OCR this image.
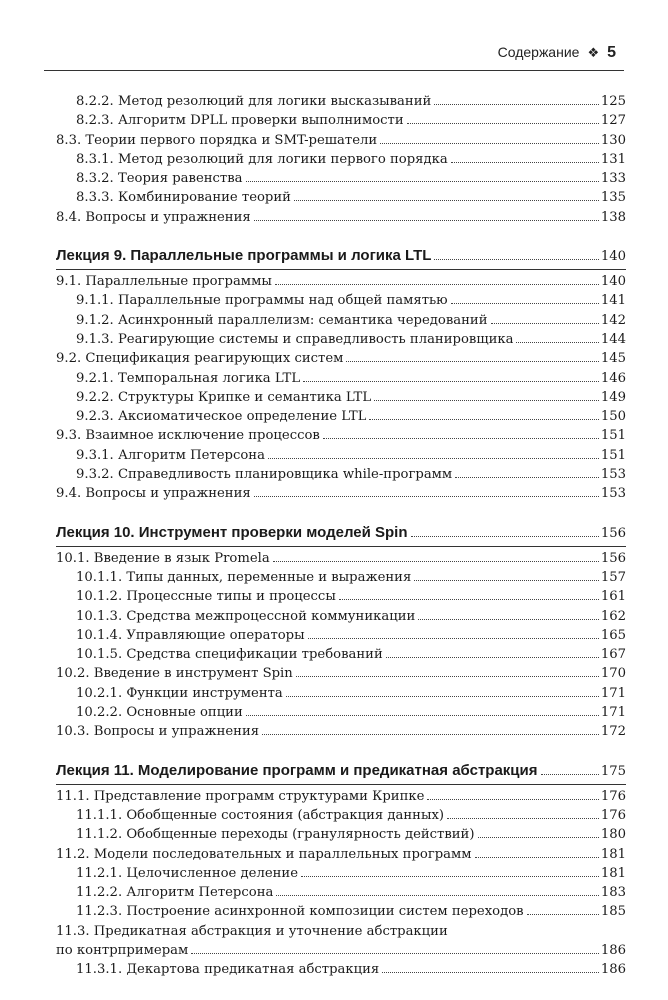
Содержание ❖ 5
8.2.2. Метод резолюций для логики высказываний	125
8.2.3. Алгоритм DPLL проверки выполнимости	127
8.3. Теории первого порядка и SMT-решатели	130
8.3.1. Метод резолюций для логики первого порядка	131
8.3.2. Теория равенства	133
8.3.3. Комбинирование теорий	135
8.4. Вопросы и упражнения	138
Лекция 9. Параллельные программы и логика LTL	140
9.1. Параллельные программы	140
9.1.1. Параллельные программы над общей памятью	141
9.1.2. Асинхронный параллелизм: семантика чередований	142
9.1.3. Реагирующие системы и справедливость планировщика	144
9.2. Спецификация реагирующих систем	145
9.2.1. Темпоральная логика LTL	146
9.2.2. Структуры Крипке и семантика LTL	149
9.2.3. Аксиоматическое определение LTL	150
9.3. Взаимное исключение процессов	151
9.3.1. Алгоритм Петерсона	151
9.3.2. Справедливость планировщика while-программ	153
9.4. Вопросы и упражнения	153
Лекция 10. Инструмент проверки моделей Spin	156
10.1. Введение в язык Promela	156
10.1.1. Типы данных, переменные и выражения	157
10.1.2. Процессные типы и процессы	161
10.1.3. Средства межпроцессной коммуникации	162
10.1.4. Управляющие операторы	165
10.1.5. Средства спецификации требований	167
10.2. Введение в инструмент Spin	170
10.2.1. Функции инструмента	171
10.2.2. Основные опции	171
10.3. Вопросы и упражнения	172
Лекция 11. Моделирование программ и предикатная абстракция	175
11.1. Представление программ структурами Крипке	176
11.1.1. Обобщенные состояния (абстракция данных)	176
11.1.2. Обобщенные переходы (гранулярность действий)	180
11.2. Модели последовательных и параллельных программ	181
11.2.1. Целочисленное деление	181
11.2.2. Алгоритм Петерсона	183
11.2.3. Построение асинхронной композиции систем переходов	185
11.3. Предикатная абстракция и уточнение абстракции
по контрпримерам	186
11.3.1. Декартова предикатная абстракция	186
